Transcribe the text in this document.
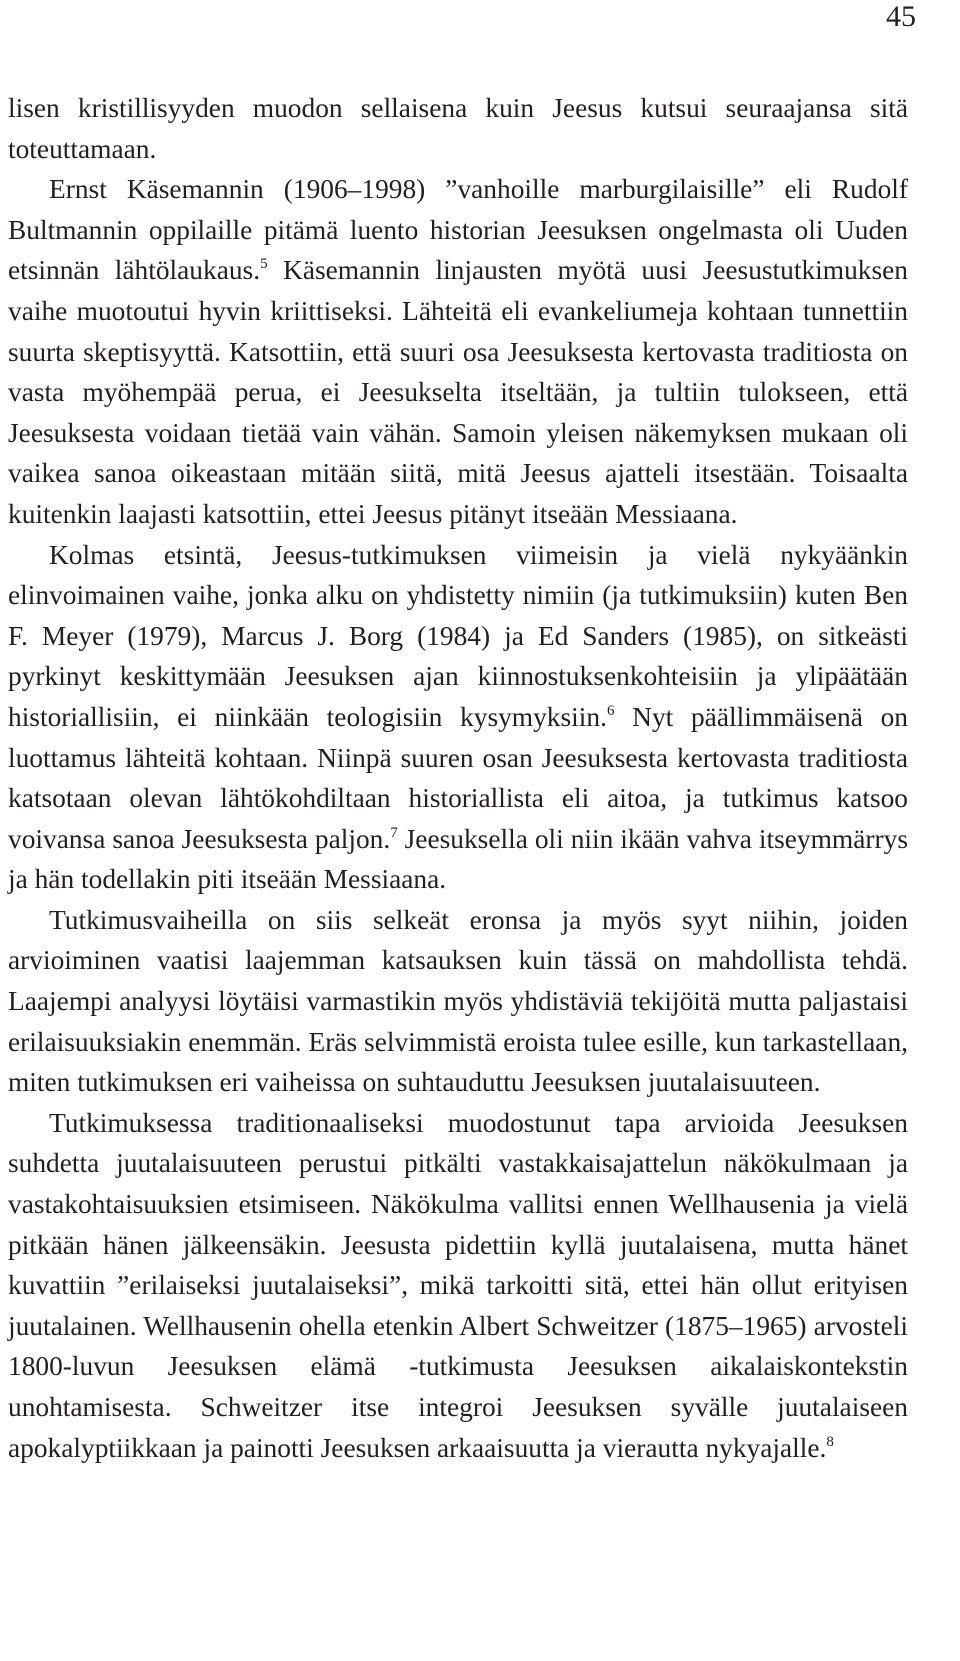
45

lisen kristillisyyden muodon sellaisena kuin Jeesus kutsui seuraajansa sitä toteuttamaan.

Ernst Käsemannin (1906–1998) ”vanhoille marburgilaisille” eli Rudolf Bultmannin oppilaille pitämä luento historian Jeesuksen ongelmasta oli Uuden etsinnän lähtölaukaus.$^5$ Käsemannin linjausten myötä uusi Jeesustutkimuksen vaihe muotoutui hyvin kriittiseksi. Lähteitä eli evankeliumeja kohtaan tunnettiin suurta skeptisyyttä. Katsottiin, että suuri osa Jeesuksesta kertovasta traditiosta on vasta myöhempää perua, ei Jeesukselta itseltään, ja tultiin tulokseen, että Jeesuksesta voidaan tietää vain vähän. Samoin yleisen näkemyksen mukaan oli vaikea sanoa oikeastaan mitään siitä, mitä Jeesus ajatteli itsestään. Toisaalta kuitenkin laajasti katsottiin, ettei Jeesus pitänyt itseään Messiaana.

Kolmas etsintä, Jeesus-tutkimuksen viimeisin ja vielä nykyäänkin elinvoimainen vaihe, jonka alku on yhdistetty nimiin (ja tutkimuksiin) kuten Ben F. Meyer (1979), Marcus J. Borg (1984) ja Ed Sanders (1985), on sitkeästi pyrkinyt keskittymään Jeesuksen ajan kiinnostuksenkohteisiin ja ylipäätään historiallisiin, ei niinkään teologisiin kysymyksiin.$^6$ Nyt päällimmäisenä on luottamus lähteitä kohtaan. Niinpä suuren osan Jeesuksesta kertovasta traditiosta katsotaan olevan lähtökohdiltaan historiallista eli aitoa, ja tutkimus katsoo voivansa sanoa Jeesuksesta paljon.$^7$ Jeesuksella oli niin ikään vahva itseymmärrys ja hän todellakin piti itseään Messiaana.

Tutkimusvaiheilla on siis selkeät eronsa ja myös syyt niihin, joiden arvioiminen vaatisi laajemman katsauksen kuin tässä on mahdollista tehdä. Laajempi analyysi löytäisi varmastikin myös yhdistäviä tekijöitä mutta paljastaisi erilaisuuksiakin enemmän. Eräs selvimmistä eroista tulee esille, kun tarkastellaan, miten tutkimuksen eri vaiheissa on suhtauduttu Jeesuksen juutalaisuuteen.

Tutkimuksessa traditionaaliseksi muodostunut tapa arvioida Jeesuksen suhdetta juutalaisuuteen perustui pitkälti vastakkaisajattelun näkökulmaan ja vastakohtaisuuksien etsimiseen. Näkökulma vallitsi ennen Wellhausenia ja vielä pitkään hänen jälkeensäkin. Jeesusta pidettiin kyllä juutalaisena, mutta hänet kuvattiin ”erilaiseksi juutalaiseksi”, mikä tarkoitti sitä, ettei hän ollut erityisen juutalainen. Wellhausenin ohella etenkin Albert Schweitzer (1875–1965) arvosteli 1800-luvun Jeesuksen elämä -tutkimusta Jeesuksen aikalaiskontekstin unohtamisesta. Schweitzer itse integroi Jeesuksen syvälle juutalaiseen apokalyptiikkaan ja painotti Jeesuksen arkaaisuutta ja vierautta nykyajalle.$^8$
